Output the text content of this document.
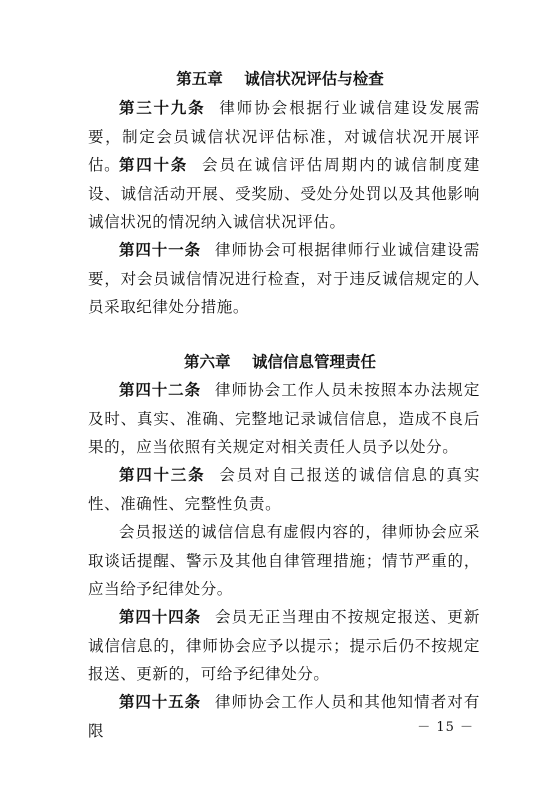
第五章    诚信状况评估与检查
第三十九条 律师协会根据行业诚信建设发展需要，制定会员诚信状况评估标准，对诚信状况开展评估。
第四十条 会员在诚信评估周期内的诚信制度建设、诚信活动开展、受奖励、受处分处罚以及其他影响诚信状况的情况纳入诚信状况评估。
第四十一条 律师协会可根据律师行业诚信建设需要，对会员诚信情况进行检查，对于违反诚信规定的人员采取纪律处分措施。
第六章    诚信信息管理责任
第四十二条 律师协会工作人员未按照本办法规定及时、真实、准确、完整地记录诚信信息，造成不良后果的，应当依照有关规定对相关责任人员予以处分。
第四十三条 会员对自己报送的诚信信息的真实性、准确性、完整性负责。
会员报送的诚信信息有虚假内容的，律师协会应采取谈话提醒、警示及其他自律管理措施；情节严重的，应当给予纪律处分。
第四十四条 会员无正当理由不按规定报送、更新诚信信息的，律师协会应予以提示；提示后仍不按规定报送、更新的，可给予纪律处分。
第四十五条 律师协会工作人员和其他知情者对有限	－ 15 －
